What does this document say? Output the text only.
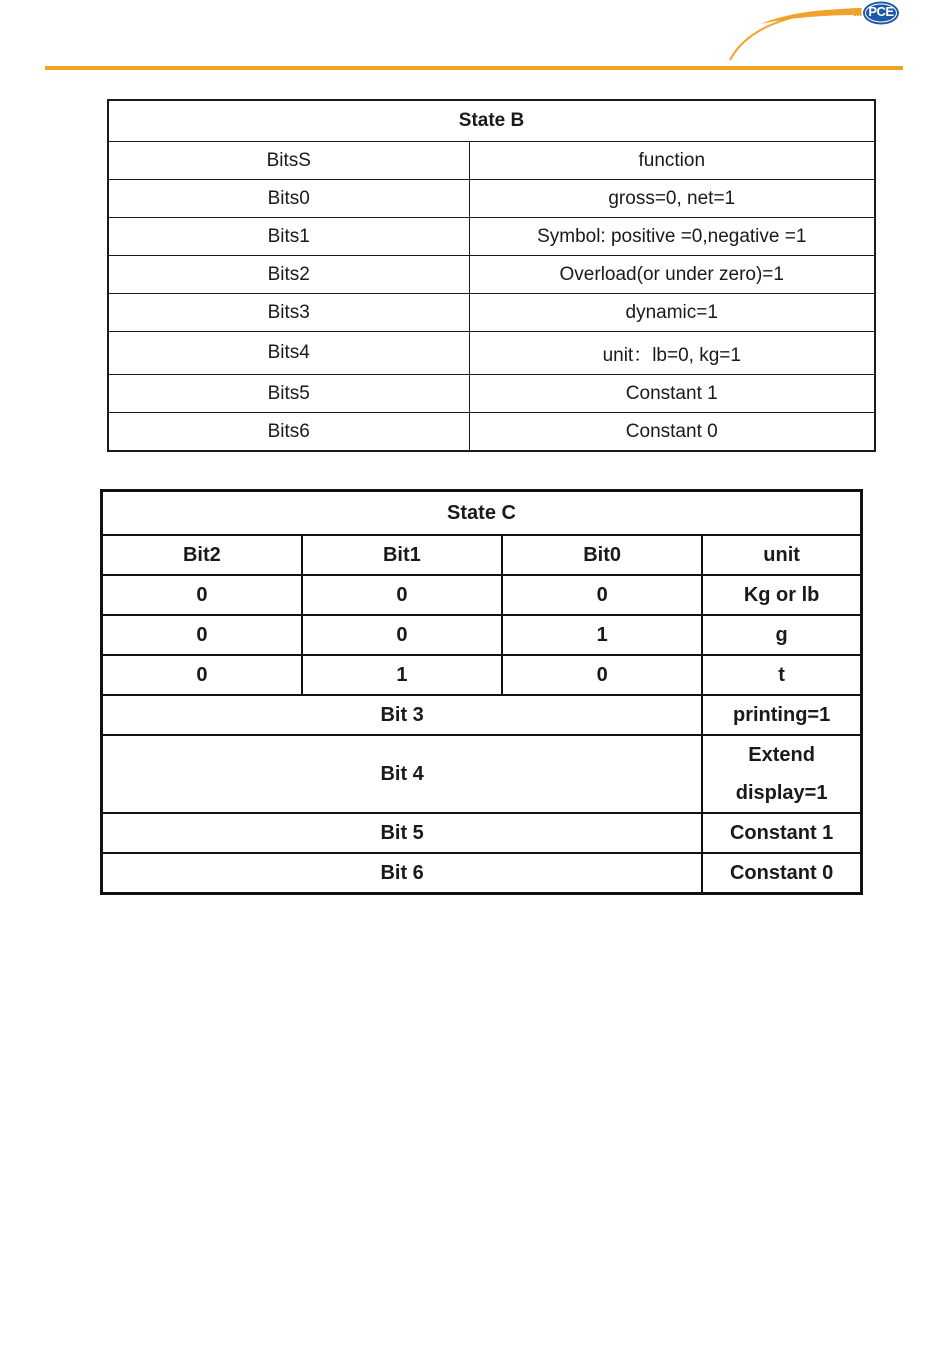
PCE
State B	
BitsS	function
Bits0	gross=0, net=1
Bits1	Symbol: positive =0,negative =1
Bits2	Overload(or under zero)=1
Bits3	dynamic=1
Bits4	unit：lb=0, kg=1
Bits5	Constant 1
Bits6	Constant 0
State C			
Bit2	Bit1	Bit0	unit
0	0	0	Kg or lb
0	0	1	g
0	1	0	t
Bit 3			printing=1
Bit 4			Extend
display=1

Bit 5			Constant 1
Bit 6			Constant 0
